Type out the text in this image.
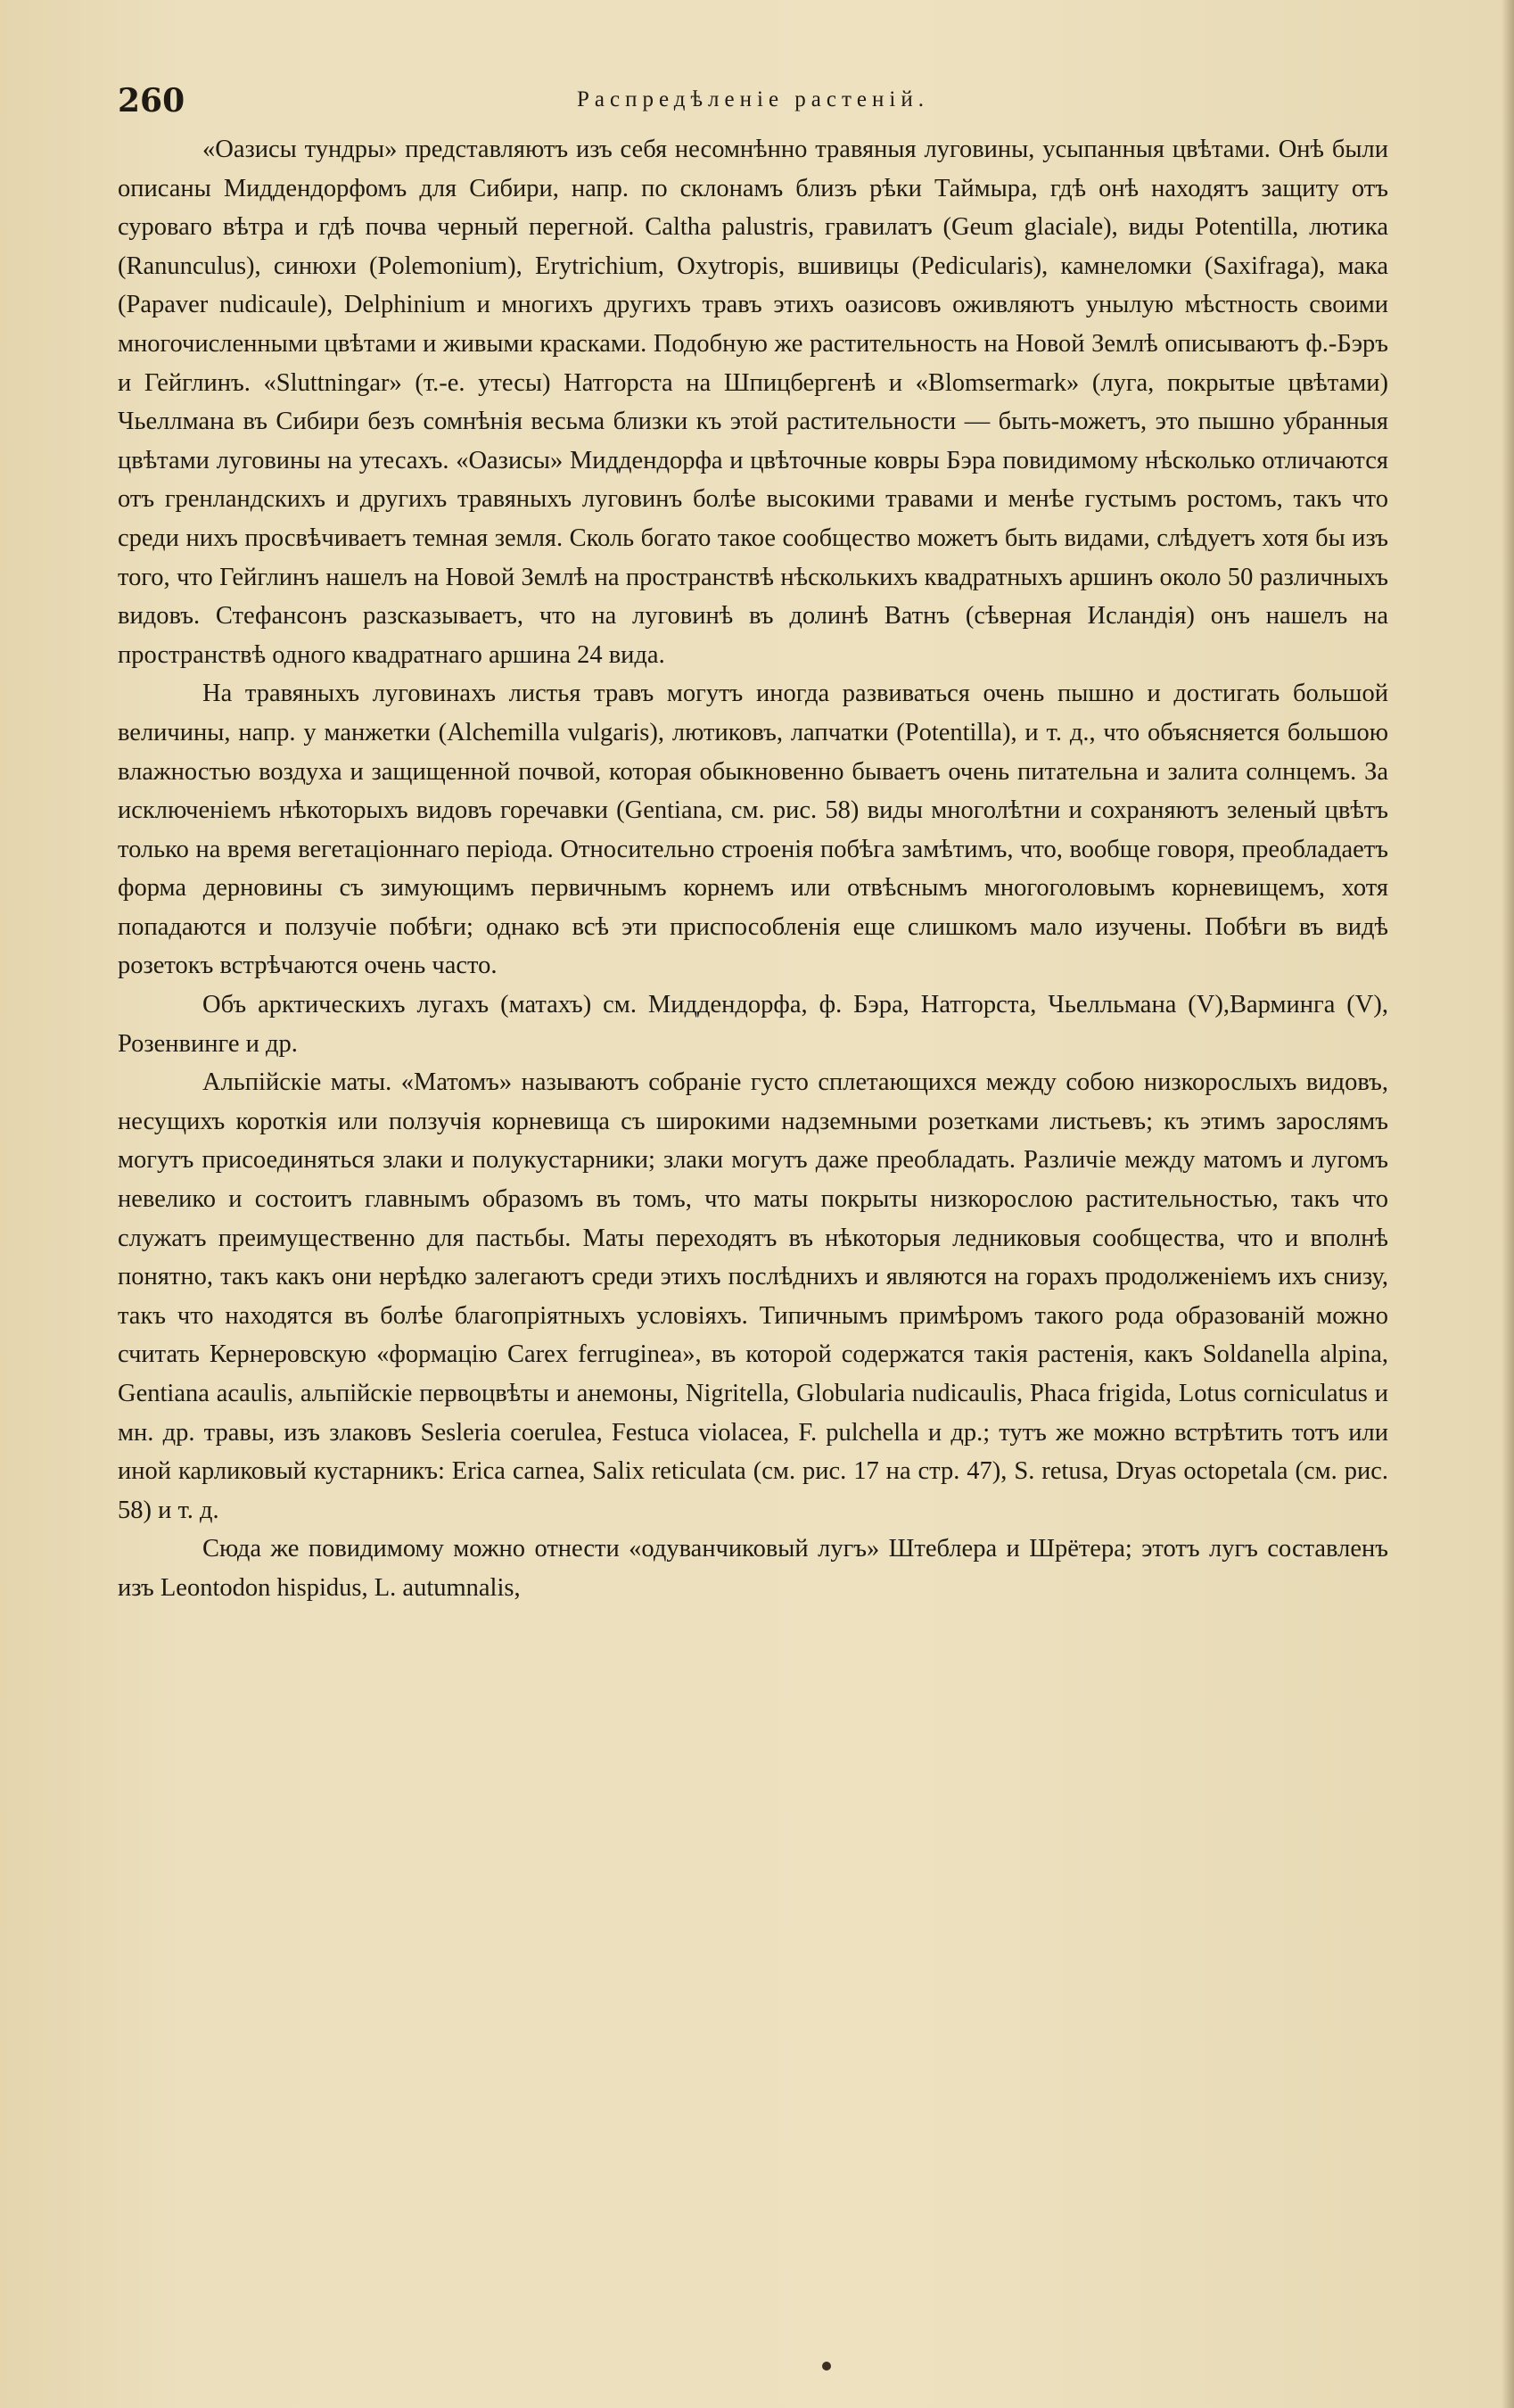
260	Распредѣленіе растеній.

«Оазисы тундры» представляютъ изъ себя несомнѣнно травяныя луговины, усыпанныя цвѣтами. Онѣ были описаны Миддендорфомъ для Сибири, напр. по склонамъ близъ рѣки Таймыра, гдѣ онѣ находятъ защиту отъ суроваго вѣтра и гдѣ почва черный перегной. Caltha palustris, гравилатъ (Geum glaciale), виды Potentilla, лютика (Ranunculus), синюхи (Polemonium), Erytrichium, Oxytropis, вшивицы (Pedicularis), камнеломки (Saxifraga), мака (Papaver nudicaule), Delphinium и многихъ другихъ травъ этихъ оазисовъ оживляютъ унылую мѣстность своими многочисленными цвѣтами и живыми красками. Подобную же растительность на Новой Землѣ описываютъ ф.-Бэръ и Гейглинъ. «Sluttningar» (т.-е. утесы) Натгорста на Шпицбергенѣ и «Blomsermark» (луга, покрытые цвѣтами) Чьеллмана въ Сибири безъ сомнѣнія весьма близки къ этой растительности — быть-можетъ, это пышно убранныя цвѣтами луговины на утесахъ. «Оазисы» Миддендорфа и цвѣточные ковры Бэра повидимому нѣсколько отличаются отъ гренландскихъ и другихъ травяныхъ луговинъ болѣе высокими травами и менѣе густымъ ростомъ, такъ что среди нихъ просвѣчиваетъ темная земля. Сколь богато такое сообщество можетъ быть видами, слѣдуетъ хотя бы изъ того, что Гейглинъ нашелъ на Новой Землѣ на пространствѣ нѣсколькихъ квадратныхъ аршинъ около 50 различныхъ видовъ. Стефансонъ разсказываетъ, что на луговинѣ въ долинѣ Ватнъ (сѣверная Исландія) онъ нашелъ на пространствѣ одного квадратнаго аршина 24 вида.

На травяныхъ луговинахъ листья травъ могутъ иногда развиваться очень пышно и достигать большой величины, напр. у манжетки (Alchemilla vulgaris), лютиковъ, лапчатки (Potentilla), и т. д., что объясняется большою влажностью воздуха и защищенной почвой, которая обыкновенно бываетъ очень питательна и залита солнцемъ. За исключеніемъ нѣкоторыхъ видовъ горечавки (Gentiana, см. рис. 58) виды многолѣтни и сохраняютъ зеленый цвѣтъ только на время вегетаціоннаго періода. Относительно строенія побѣга замѣтимъ, что, вообще говоря, преобладаетъ форма дерновины съ зимующимъ первичнымъ корнемъ или отвѣснымъ многоголовымъ корневищемъ, хотя попадаются и ползучіе побѣги; однако всѣ эти приспособленія еще слишкомъ мало изучены. Побѣги въ видѣ розетокъ встрѣчаются очень часто.

Объ арктическихъ лугахъ (матахъ) см. Миддендорфа, ф. Бэра, Натгорста, Чьелльмана (V),Варминга (V), Розенвинге и др.

Альпійскіе маты. «Матомъ» называютъ собраніе густо сплетающихся между собою низкорослыхъ видовъ, несущихъ короткія или ползучія корневища съ широкими надземными розетками листьевъ; къ этимъ зарослямъ могутъ присоединяться злаки и полукустарники; злаки могутъ даже преобладать. Различіе между матомъ и лугомъ невелико и состоитъ главнымъ образомъ въ томъ, что маты покрыты низкорослою растительностью, такъ что служатъ преимущественно для пастьбы. Маты переходятъ въ нѣкоторыя ледниковыя сообщества, что и вполнѣ понятно, такъ какъ они нерѣдко залегаютъ среди этихъ послѣднихъ и являются на горахъ продолженіемъ ихъ снизу, такъ что находятся въ болѣе благопріятныхъ условіяхъ. Типичнымъ примѣромъ такого рода образованій можно считать Кернеровскую «формацію Carex ferruginea», въ которой содержатся такія растенія, какъ Soldanella alpina, Gentiana acaulis, альпійскіе первоцвѣты и анемоны, Nigritella, Globularia nudicaulis, Phaca frigida, Lotus corniculatus и мн. др. травы, изъ злаковъ Sesleria coerulea, Festuca violacea, F. pulchella и др.; тутъ же можно встрѣтить тотъ или иной карликовый кустарникъ: Erica carnea, Salix reticulata (см. рис. 17 на стр. 47), S. retusa, Dryas octopetala (см. рис. 58) и т. д.

Сюда же повидимому можно отнести «одуванчиковый лугъ» Штеблера и Шрётера; этотъ лугъ составленъ изъ Leontodon hispidus, L. autumnalis,
